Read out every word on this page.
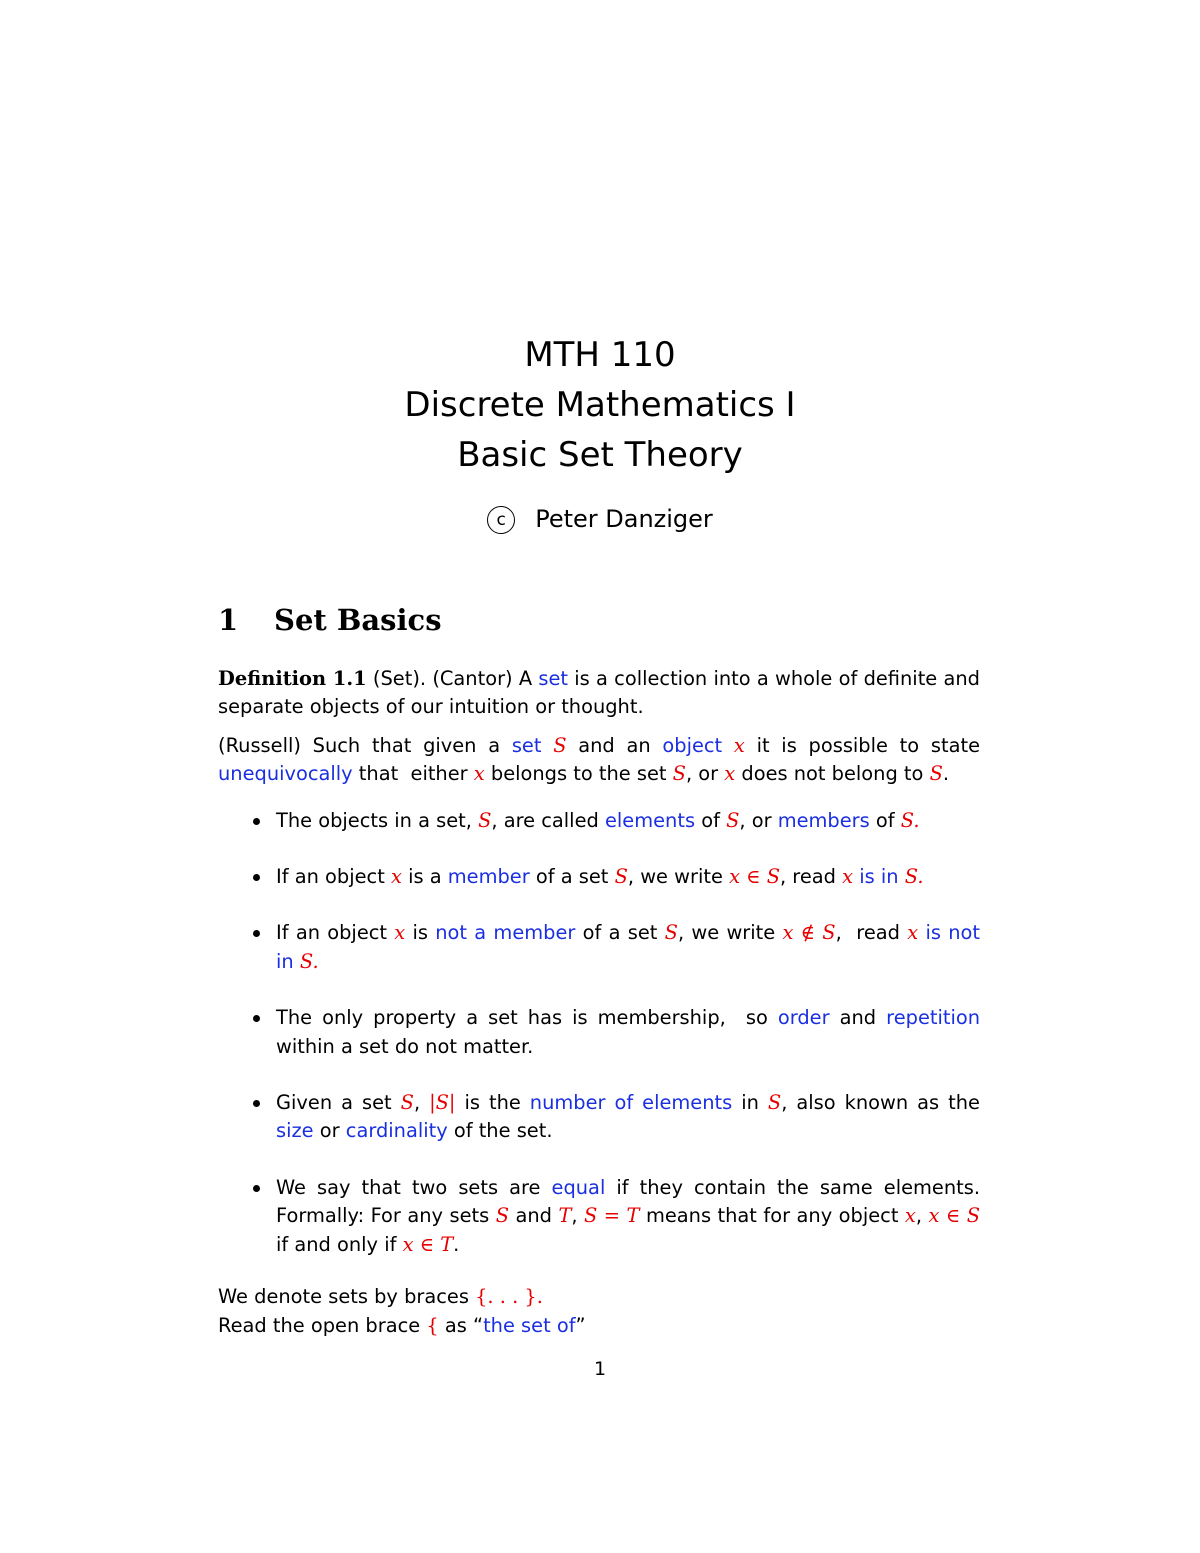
MTH 110
Discrete Mathematics I
Basic Set Theory
c Peter Danziger
1 Set Basics

Definition 1.1 (Set). (Cantor) A set is a collection into a whole of definite and separate objects of our intuition or thought.

(Russell) Such that given a set S and an object x it is possible to state unequivocally that  either x belongs to the set S, or x does not belong to S.

The objects in a set, S, are called elements of S, or members of S.
If an object x is a member of a set S, we write x ∈ S, read x is in S.
If an object x is not a member of a set S, we write x ∉ S,  read x is not in S.
The only property a set has is membership,  so order and repetition within a set do not matter.
Given a set S, |S| is the number of elements in S, also known as the size or cardinality of the set.
We say that two sets are equal if they contain the same elements. Formally: For any sets S and T, S = T means that for any object x, x ∈ S if and only if x ∈ T.

We denote sets by braces {. . . }.

Read the open brace { as “the set of”

1
